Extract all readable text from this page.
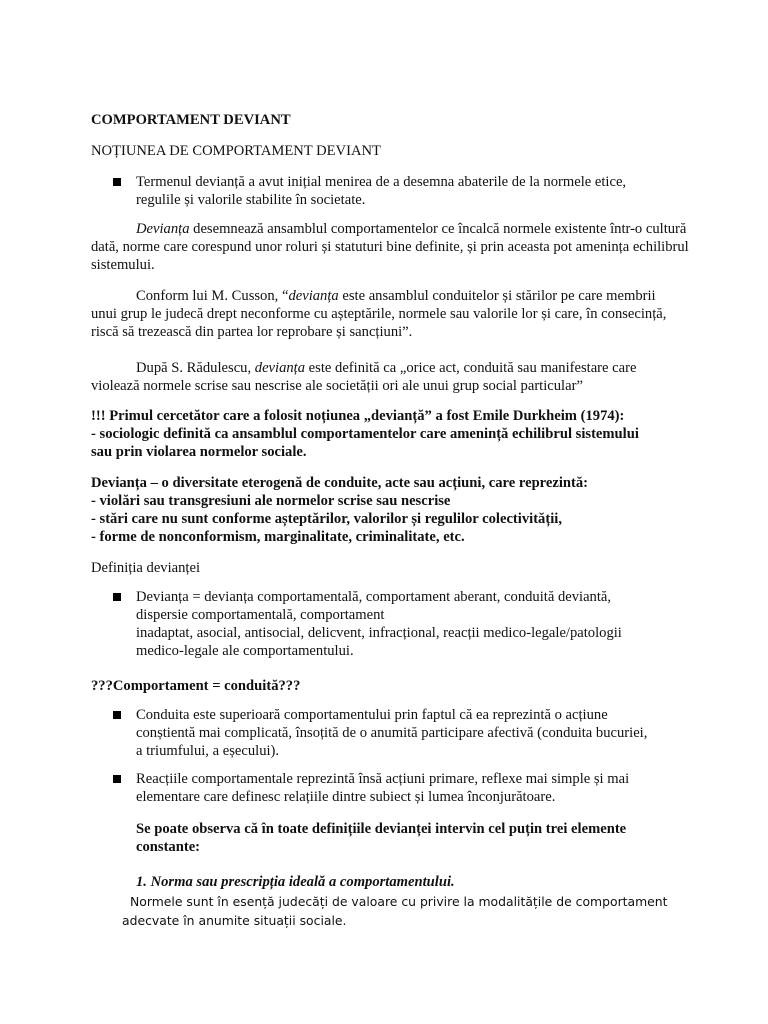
COMPORTAMENT DEVIANT
NOȚIUNEA DE COMPORTAMENT DEVIANT

Termenul devianță a avut inițial menirea de a desemna abaterile de la normele etice,

regulile și valorile stabilite în societate.

Devianța desemnează ansamblul comportamentelor ce încalcă normele existente într-o cultură dată, norme care corespund unor roluri și statuturi bine definite, și prin aceasta pot amenința echilibrul sistemului.

Conform lui M. Cusson, “devianța este ansamblul conduitelor și stărilor pe care membrii unui grup le judecă drept neconforme cu așteptările, normele sau valorile lor și care, în consecință, riscă să trezească din partea lor reprobare și sancțiuni”.

După S. Rădulescu, devianța este definită ca „orice act, conduită sau manifestare care violează normele scrise sau nescrise ale societății ori ale unui grup social particular”

!!! Primul cercetător care a folosit noțiunea „devianță” a fost Emile Durkheim (1974):

- sociologic definită ca ansamblul comportamentelor care amenință echilibrul sistemului

sau prin violarea normelor sociale.

Devianța – o diversitate eterogenă de conduite, acte sau acțiuni, care reprezintă:

- violări sau transgresiuni ale normelor scrise sau nescrise

- stări care nu sunt conforme așteptărilor, valorilor și regulilor colectivității,

- forme de nonconformism, marginalitate, criminalitate, etc.

Definiția devianței

Devianța = devianța comportamentală, comportament aberant, conduită deviantă,

dispersie comportamentală, comportament

inadaptat, asocial, antisocial, delicvent, infracțional, reacții medico-legale/patologii

medico-legale ale comportamentului.

???Comportament = conduită???

Conduita este superioară comportamentului prin faptul că ea reprezintă o acțiune

conștientă mai complicată, însoțită de o anumită participare afectivă (conduita bucuriei,

a triumfului, a eșecului).

Reacțiile comportamentale reprezintă însă acțiuni primare, reflexe mai simple și mai

elementare care definesc relațiile dintre subiect și lumea înconjurătoare.

Se poate observa că în toate definițiile devianței intervin cel puțin trei elemente

constante:

1. Norma sau prescripția ideală a comportamentului.

Normele sunt în esență judecăți de valoare cu privire la modalitățile de comportament

adecvate în anumite situații sociale.
